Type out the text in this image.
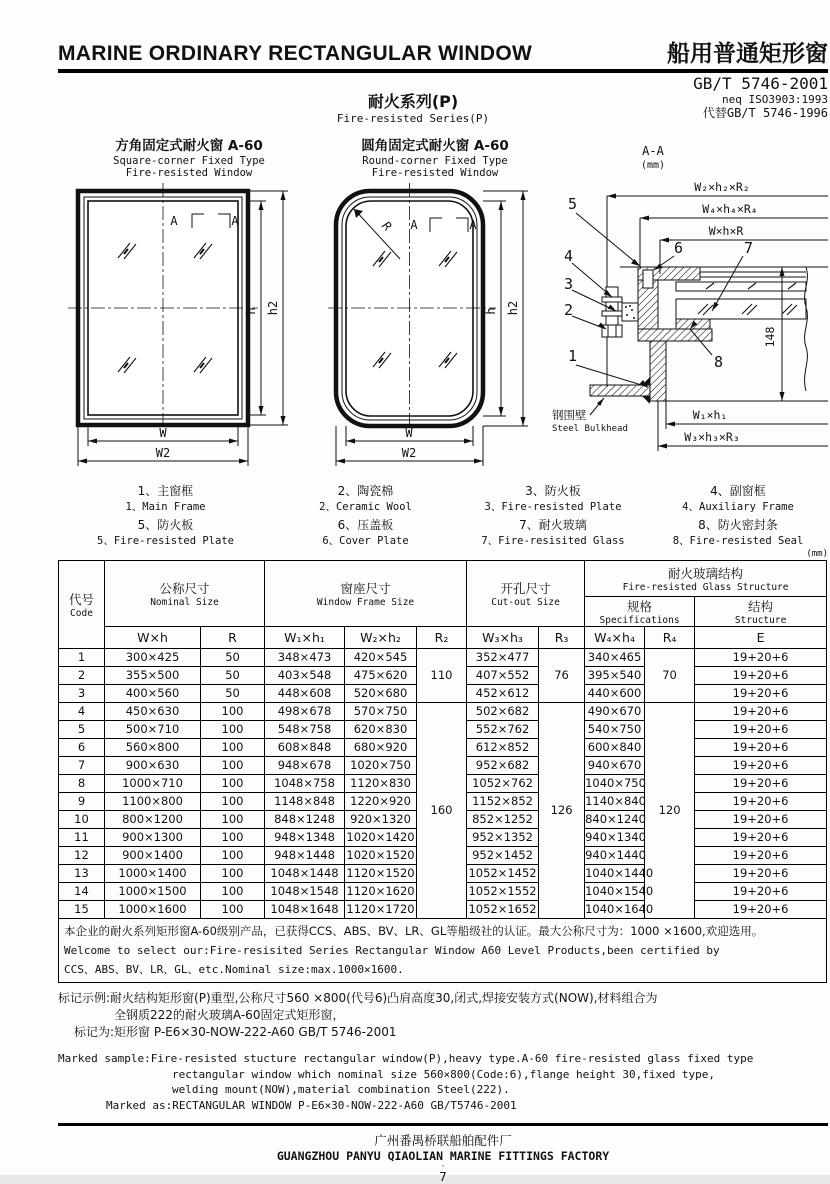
MARINE ORDINARY RECTANGULAR WINDOW	船用普通矩形窗
耐火系列(P)
Fire-resisted Series(P)
GB/T 5746-2001
neq ISO3903:1993
代替GB/T 5746-1996
方角固定式耐火窗 A-60
Square-corner Fixed Type
Fire-resisted Window
A	A
h h2
W
W2
圆角固定式耐火窗 A-60
Round-corner Fixed Type
Fire-resisted Window
R A	A
h h2
W
W2
A-A
(mm)
W₂×h₂×R₂
W₄×h₄×R₄
W×h×R
5
4
3
2
1
6	7
8
148
W₁×h₁
W₃×h₃×R₃
钢围壁
Steel Bulkhead
1、主窗框
1、Main Frame
2、陶瓷棉
2、Ceramic Wool
3、防火板
3、Fire-resisted Plate
4、副窗框
4、Auxiliary Frame
5、防火板
5、Fire-resisted Plate
6、压盖板
6、Cover Plate
7、耐火玻璃
7、Fire-resisited Glass
8、防火密封条
8、Fire-resisted Seal
(mm)
代号
Code

公称尺寸
Nominal Size

窗座尺寸
Window Frame Size

开孔尺寸
Cut-out Size

耐火玻璃结构
Fire-resisted Glass Structure

规格
Specifications

结构
Structure

	W×h	R	W₁×h₁	W₂×h₂	R₂	W₃×h₃	R₃	W₄×h₄	R₄	E
1	300×425	50	348×473	420×545	110	352×477	76	340×465	70	19+20+6
2	355×500	50	403×548	475×620		407×552		395×540		19+20+6
3	400×560	50	448×608	520×680		452×612		440×600		19+20+6
4	450×630	100	498×678	570×750	160	502×682	126	490×670	120	19+20+6
5	500×710	100	548×758	620×830		552×762		540×750		19+20+6
6	560×800	100	608×848	680×920		612×852		600×840		19+20+6
7	900×630	100	948×678	1020×750		952×682		940×670		19+20+6
8	1000×710	100	1048×758	1120×830		1052×762		1040×750		19+20+6
9	1100×800	100	1148×848	1220×920		1152×852		1140×840		19+20+6
10	800×1200	100	848×1248	920×1320		852×1252		840×1240		19+20+6
11	900×1300	100	948×1348	1020×1420		952×1352		940×1340		19+20+6
12	900×1400	100	948×1448	1020×1520		952×1452		940×1440		19+20+6
13	1000×1400	100	1048×1448	1120×1520		1052×1452		1040×1440		19+20+6
14	1000×1500	100	1048×1548	1120×1620		1052×1552		1040×1540		19+20+6
15	1000×1600	100	1048×1648	1120×1720		1052×1652		1040×1640		19+20+6

本企业的耐火系列矩形窗A-60级别产品，已获得CCS、ABS、BV、LR、GL等船级社的认证。最大公称尺寸为：1000 ×1600,欢迎选用。
Welcome to select our:Fire-resisited Series Rectangular Window A60 Level Products,been certified by
CCS、ABS、BV、LR、GL、etc.Nominal size:max.1000×1600.										
标记示例:耐火结构矩形窗(P)重型,公称尺寸560 ×800(代号6)凸肩高度30,闭式,焊接安装方式(NOW),材料组合为
全钢质222的耐火玻璃A-60固定式矩形窗，
标记为:矩形窗 P-E6×30-NOW-222-A60 GB/T 5746-2001
Marked sample:Fire-resisted stucture rectangular window(P),heavy type.A-60 fire-resisted glass fixed type
rectangular window which nominal size 560×800(Code:6),flange height 30,fixed type,
welding mount(NOW),material combination Steel(222).
Marked as:RECTANGULAR WINDOW P-E6×30-NOW-222-A60 GB/T5746-2001
广州番禺桥联船舶配件厂
GUANGZHOU PANYU QIAOLIAN MARINE FITTINGS FACTORY
·
7
